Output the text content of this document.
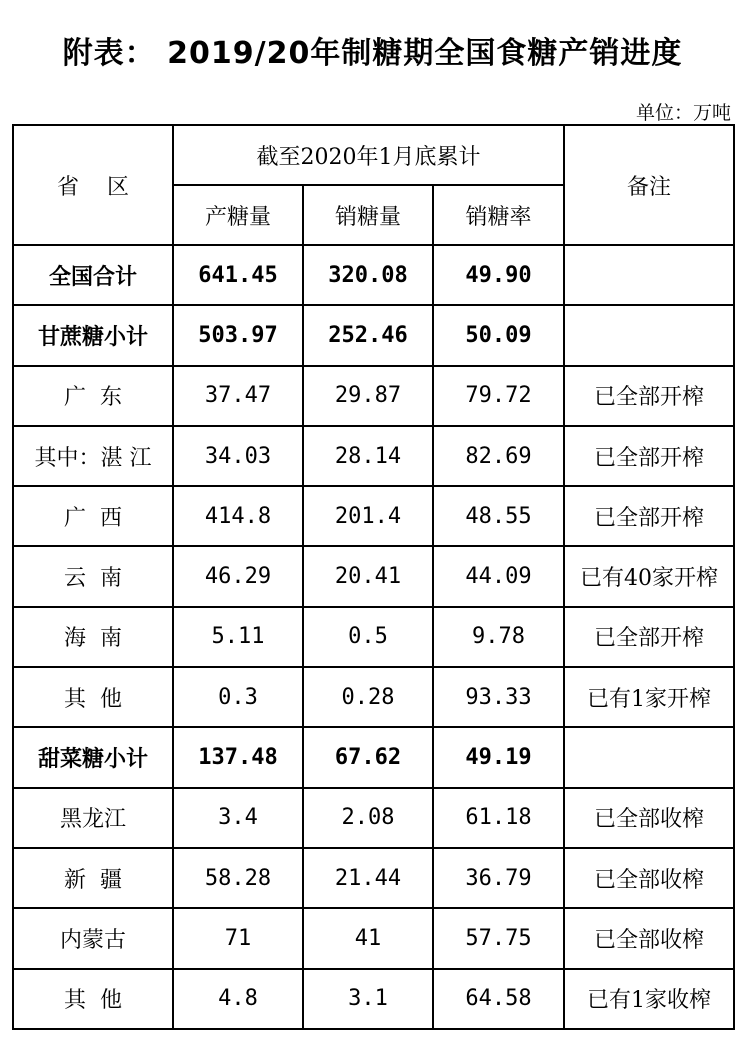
附表： 2019/20年制糖期全国食糖产销进度
单位：万吨
省    区	截至2020年1月底累计			备注
	产糖量	销糖量	销糖率	
全国合计	641.45	320.08	49.90	
甘蔗糖小计	503.97	252.46	50.09	
广  东	37.47	29.87	79.72	已全部开榨
其中：湛 江	34.03	28.14	82.69	已全部开榨
广  西	414.8	201.4	48.55	已全部开榨
云  南	46.29	20.41	44.09	已有40家开榨
海  南	5.11	0.5	9.78	已全部开榨
其  他	0.3	0.28	93.33	已有1家开榨
甜菜糖小计	137.48	67.62	49.19	
黑龙江	3.4	2.08	61.18	已全部收榨
新  疆	58.28	21.44	36.79	已全部收榨
内蒙古	71	41	57.75	已全部收榨
其  他	4.8	3.1	64.58	已有1家收榨
